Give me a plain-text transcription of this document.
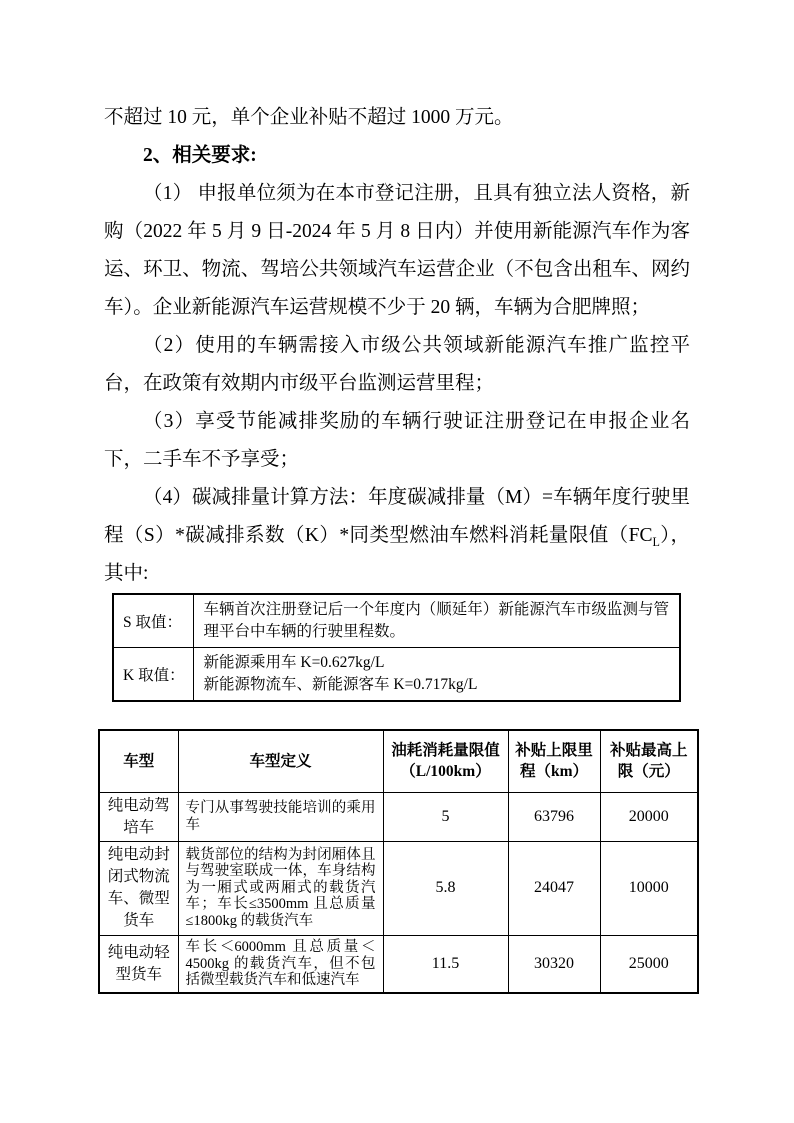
不超过 10 元，单个企业补贴不超过 1000 万元。

2、相关要求:

（1） 申报单位须为在本市登记注册，且具有独立法人资格，新购（2022 年 5 月 9 日-2024 年 5 月 8 日内）并使用新能源汽车作为客运、环卫、物流、驾培公共领域汽车运营企业（不包含出租车、网约车）。企业新能源汽车运营规模不少于 20 辆，车辆为合肥牌照；

（2）使用的车辆需接入市级公共领域新能源汽车推广监控平台，在政策有效期内市级平台监测运营里程；

（3）享受节能减排奖励的车辆行驶证注册登记在申报企业名下，二手车不予享受；

（4）碳减排量计算方法：年度碳减排量（M）=车辆年度行驶里程（S）*碳减排系数（K）*同类型燃油车燃料消耗量限值$(FC_L)$，其中:

S 取值：	车辆首次注册登记后一个年度内（顺延年）新能源汽车市级监测与管理平台中车辆的行驶里程数。

K 取值：	新能源乘用车 K=0.627kg/L
新能源物流车、新能源客车 K=0.717kg/L
车型	车型定义	油耗消耗量限值（L/100km）	补贴上限里程（km）	补贴最高上限（元）
纯电动驾培车	专门从事驾驶技能培训的乘用车	5	63796	20000
纯电动封闭式物流车、微型货车	载货部位的结构为封闭厢体且与驾驶室联成一体，车身结构为一厢式或两厢式的载货汽车；车长≤3500mm 且总质量≤1800kg 的载货汽车	5.8	24047	10000
纯电动轻型货车	车长＜6000mm 且总质量＜4500kg 的载货汽车，但不包括微型载货汽车和低速汽车	11.5	30320	25000
